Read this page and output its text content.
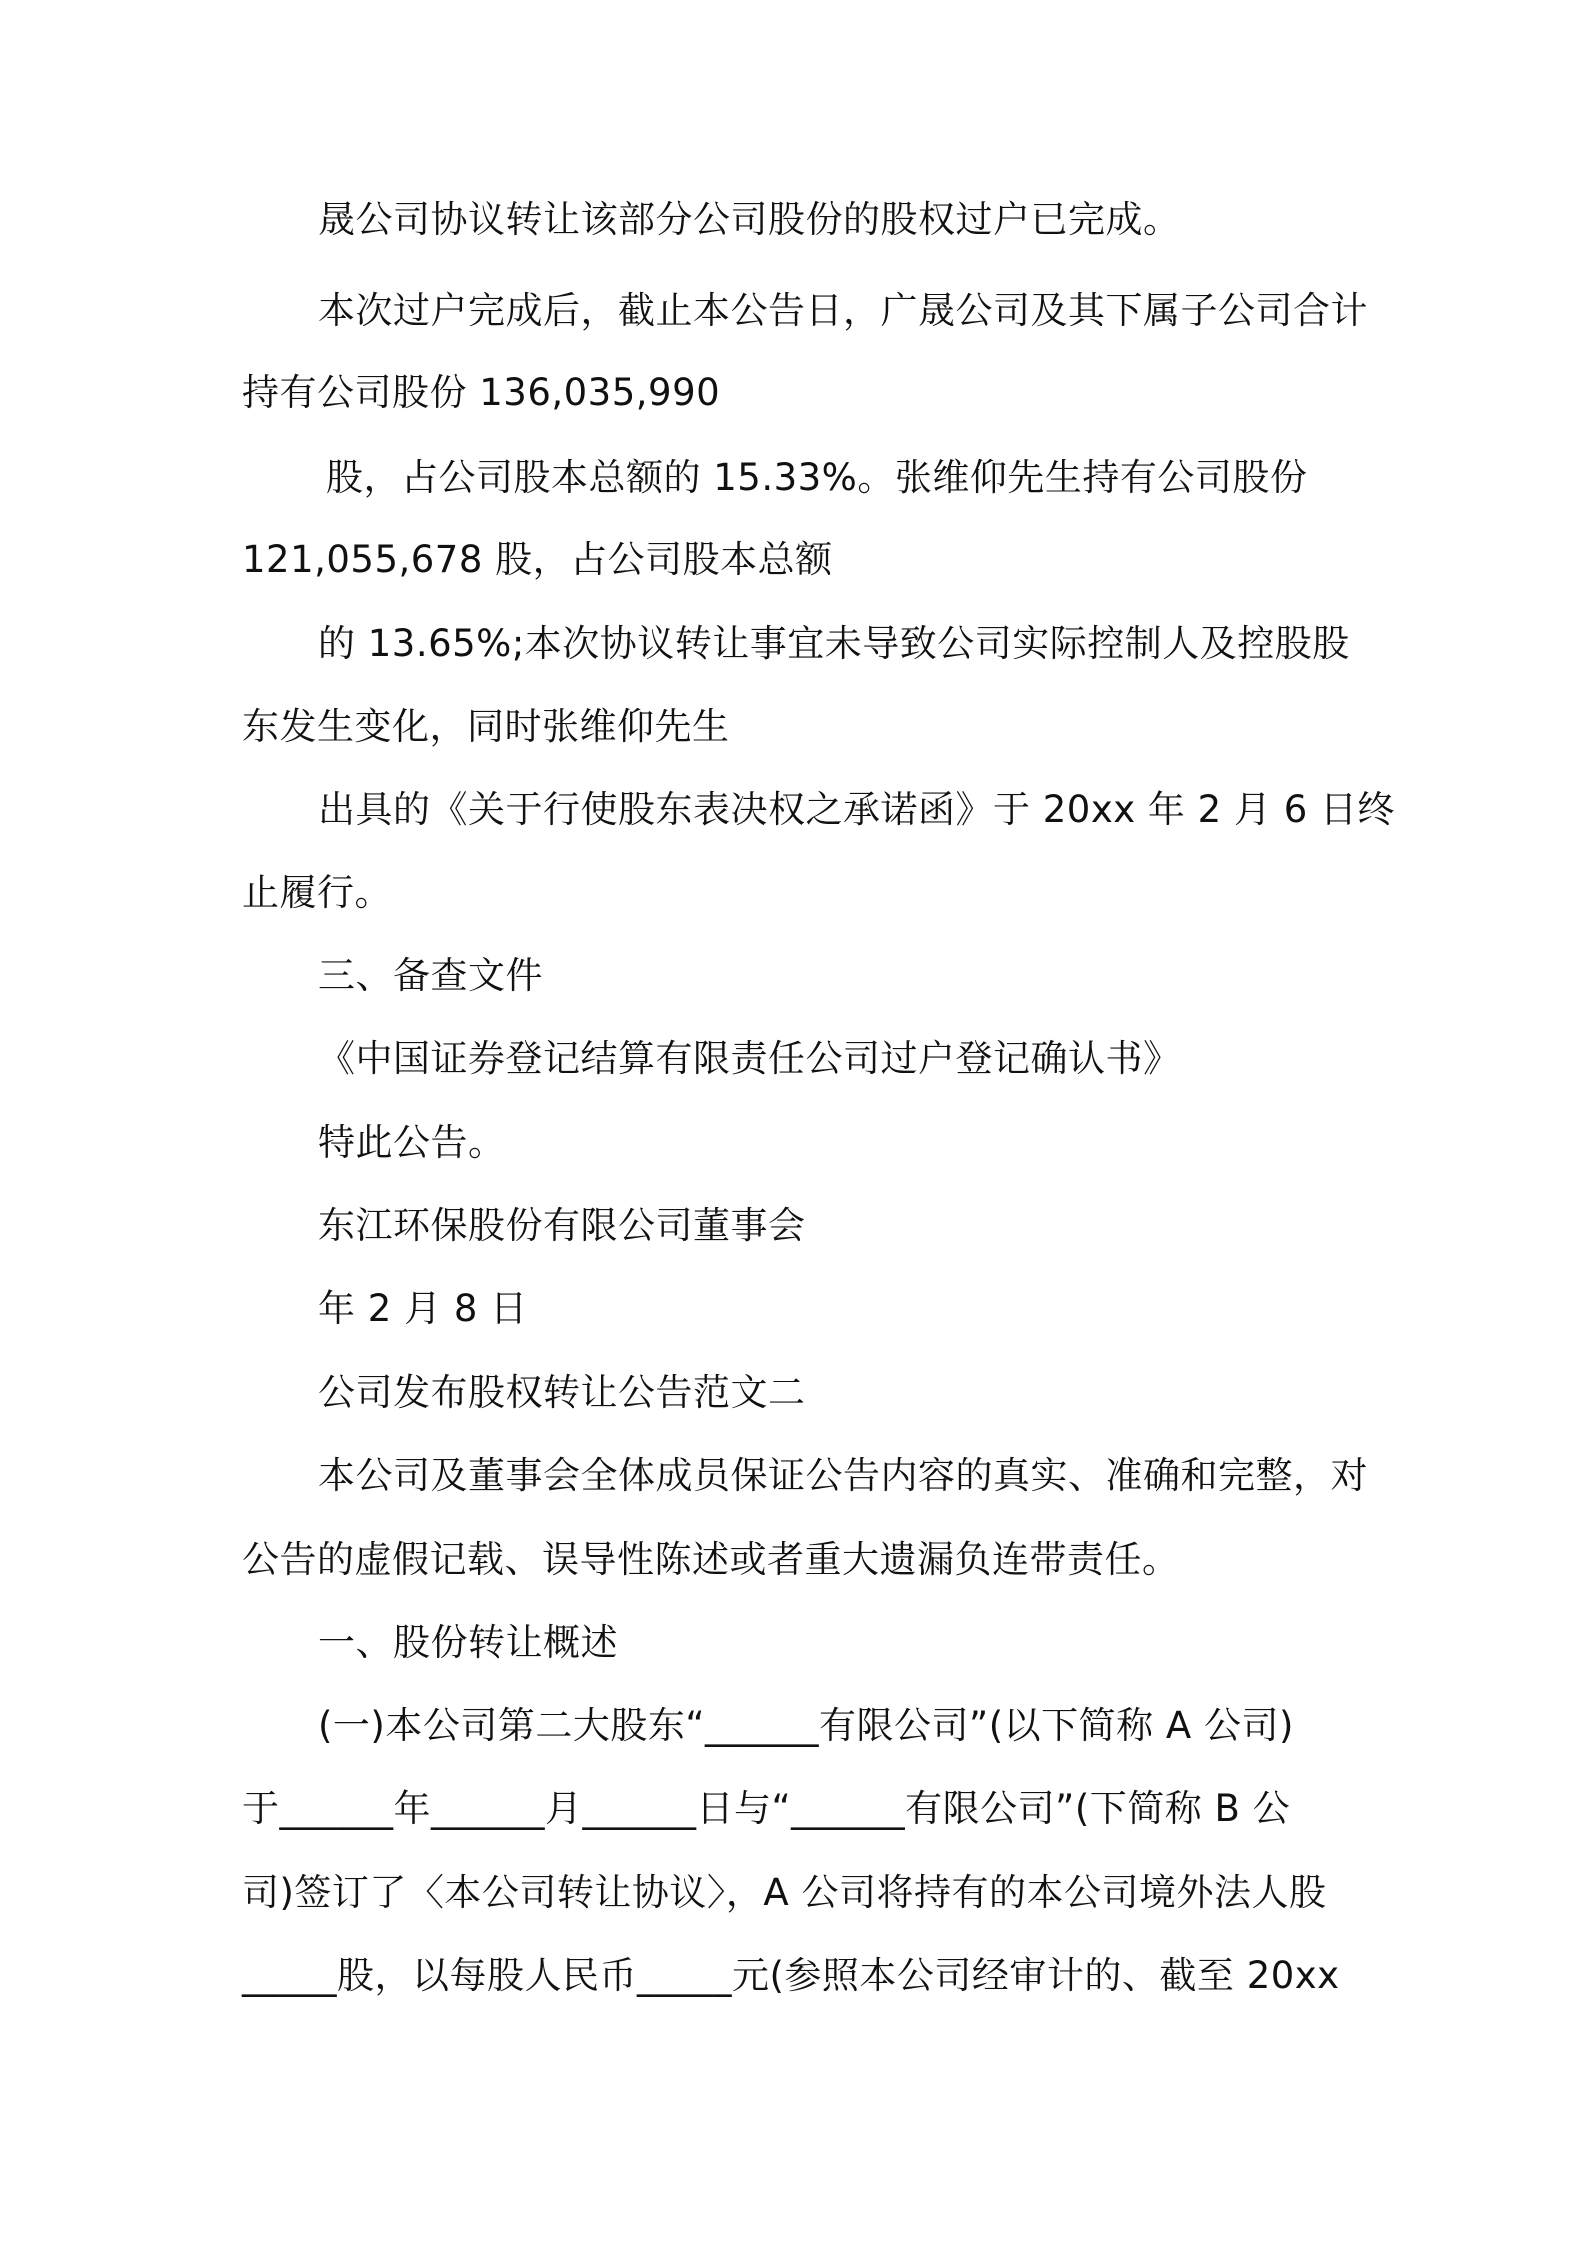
晟公司协议转让该部分公司股份的股权过户已完成。
本次过户完成后，截止本公告日，广晟公司及其下属子公司合计
持有公司股份 136,035,990
股，占公司股本总额的 15.33%。张维仰先生持有公司股份
121,055,678 股，占公司股本总额
的 13.65%;本次协议转让事宜未导致公司实际控制人及控股股
东发生变化，同时张维仰先生
出具的《关于行使股东表决权之承诺函》于 20xx 年 2 月 6 日终
止履行。
三、备查文件
《中国证券登记结算有限责任公司过户登记确认书》
特此公告。
东江环保股份有限公司董事会
年 2 月 8 日
公司发布股权转让公告范文二
本公司及董事会全体成员保证公告内容的真实、准确和完整，对
公告的虚假记载、误导性陈述或者重大遗漏负连带责任。
一、股份转让概述
(一)本公司第二大股东“______有限公司”(以下简称 A 公司)
于______年______月______日与“______有限公司”(下简称 B 公
司)签订了〈本公司转让协议〉，A 公司将持有的本公司境外法人股
_____股，以每股人民币_____元(参照本公司经审计的、截至 20xx
